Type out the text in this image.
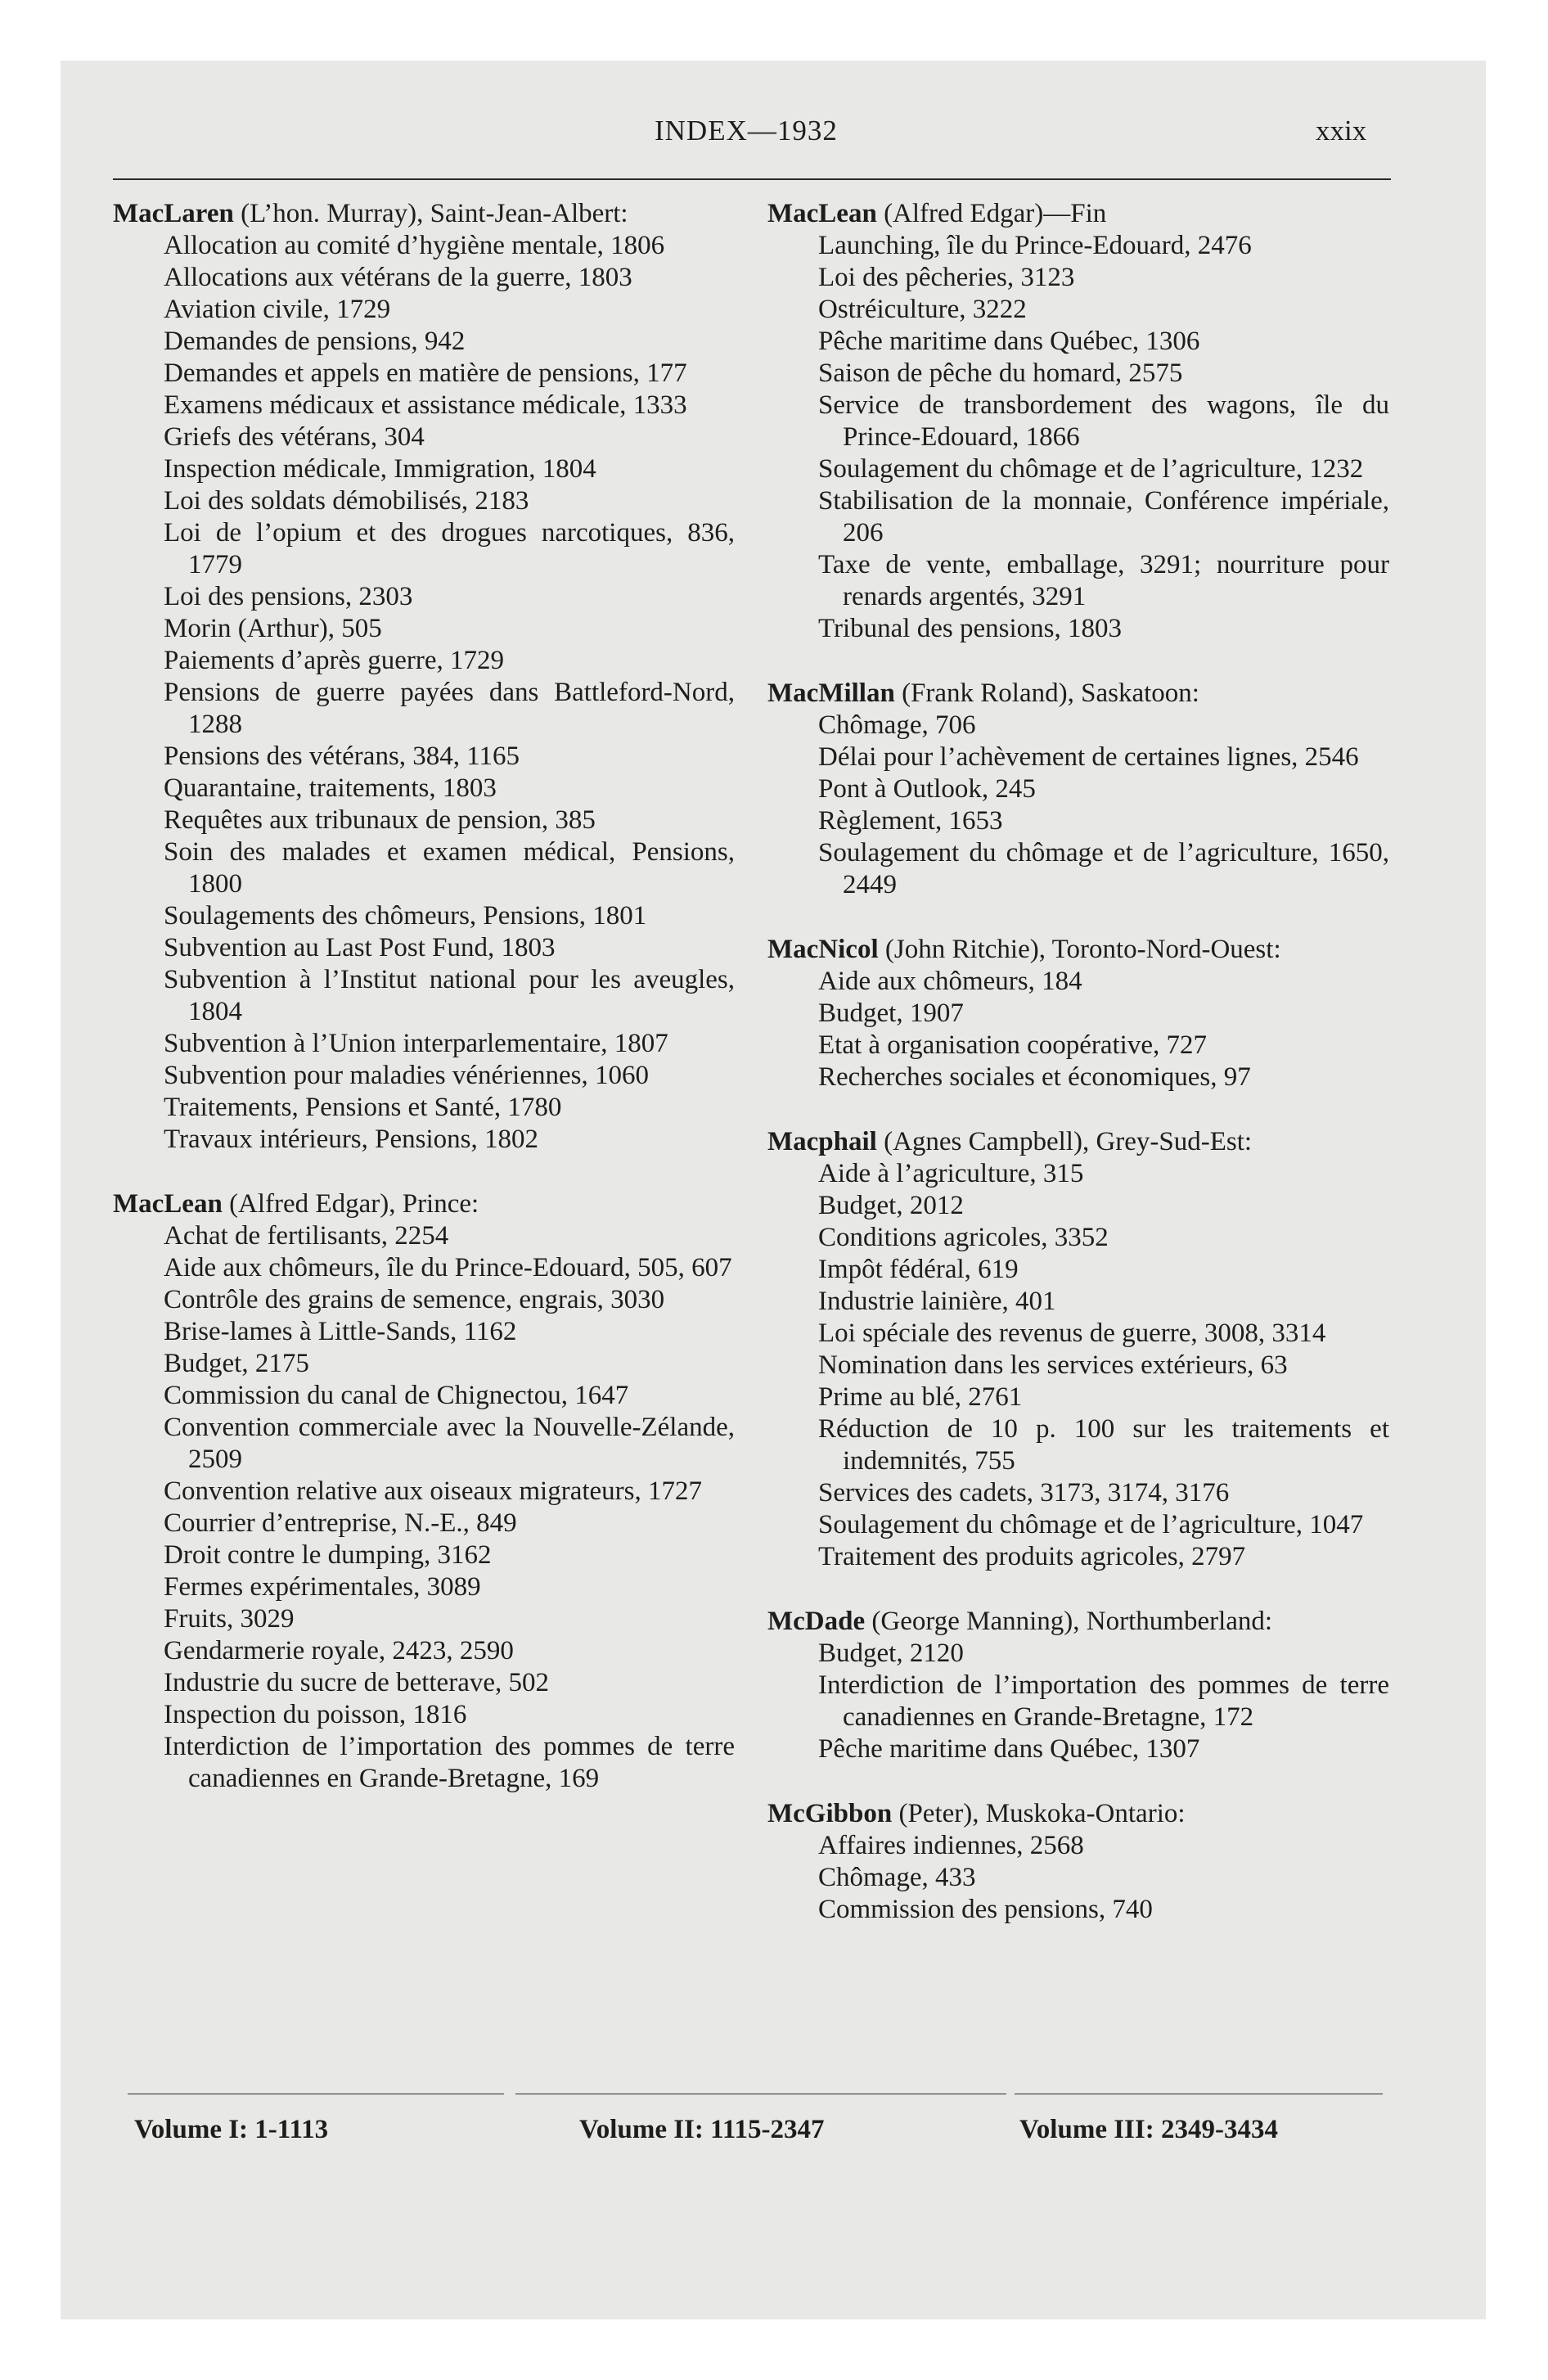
INDEX—1932	xxix
MacLaren (L’hon. Murray), Saint-Jean-Albert:
Allocation au comité d’hygiène mentale, 1806
Allocations aux vétérans de la guerre, 1803
Aviation civile, 1729
Demandes de pensions, 942
Demandes et appels en matière de pensions, 177
Examens médicaux et assistance médicale, 1333
Griefs des vétérans, 304
Inspection médicale, Immigration, 1804
Loi des soldats démobilisés, 2183
Loi de l’opium et des drogues narcotiques, 836, 1779
Loi des pensions, 2303
Morin (Arthur), 505
Paiements d’après guerre, 1729
Pensions de guerre payées dans Battleford-Nord, 1288
Pensions des vétérans, 384, 1165
Quarantaine, traitements, 1803
Requêtes aux tribunaux de pension, 385
Soin des malades et examen médical, Pensions, 1800
Soulagements des chômeurs, Pensions, 1801
Subvention au Last Post Fund, 1803
Subvention à l’Institut national pour les aveugles, 1804
Subvention à l’Union interparlementaire, 1807
Subvention pour maladies vénériennes, 1060
Traitements, Pensions et Santé, 1780
Travaux intérieurs, Pensions, 1802
MacLean (Alfred Edgar), Prince:
Achat de fertilisants, 2254
Aide aux chômeurs, île du Prince-Edouard, 505, 607
Contrôle des grains de semence, engrais, 3030
Brise-lames à Little-Sands, 1162
Budget, 2175
Commission du canal de Chignectou, 1647
Convention commerciale avec la Nouvelle-Zélande, 2509
Convention relative aux oiseaux migrateurs, 1727
Courrier d’entreprise, N.-E., 849
Droit contre le dumping, 3162
Fermes expérimentales, 3089
Fruits, 3029
Gendarmerie royale, 2423, 2590
Industrie du sucre de betterave, 502
Inspection du poisson, 1816
Interdiction de l’importation des pommes de terre canadiennes en Grande-Bretagne, 169
MacLean (Alfred Edgar)—Fin
Launching, île du Prince-Edouard, 2476
Loi des pêcheries, 3123
Ostréiculture, 3222
Pêche maritime dans Québec, 1306
Saison de pêche du homard, 2575
Service de transbordement des wagons, île du Prince-Edouard, 1866
Soulagement du chômage et de l’agriculture, 1232
Stabilisation de la monnaie, Conférence impériale, 206
Taxe de vente, emballage, 3291; nourriture pour renards argentés, 3291
Tribunal des pensions, 1803
MacMillan (Frank Roland), Saskatoon:
Chômage, 706
Délai pour l’achèvement de certaines lignes, 2546
Pont à Outlook, 245
Règlement, 1653
Soulagement du chômage et de l’agriculture, 1650, 2449
MacNicol (John Ritchie), Toronto-Nord-Ouest:
Aide aux chômeurs, 184
Budget, 1907
Etat à organisation coopérative, 727
Recherches sociales et économiques, 97
Macphail (Agnes Campbell), Grey-Sud-Est:
Aide à l’agriculture, 315
Budget, 2012
Conditions agricoles, 3352
Impôt fédéral, 619
Industrie lainière, 401
Loi spéciale des revenus de guerre, 3008, 3314
Nomination dans les services extérieurs, 63
Prime au blé, 2761
Réduction de 10 p. 100 sur les traitements et indemnités, 755
Services des cadets, 3173, 3174, 3176
Soulagement du chômage et de l’agriculture, 1047
Traitement des produits agricoles, 2797
McDade (George Manning), Northumberland:
Budget, 2120
Interdiction de l’importation des pommes de terre canadiennes en Grande-Bretagne, 172
Pêche maritime dans Québec, 1307
McGibbon (Peter), Muskoka-Ontario:
Affaires indiennes, 2568
Chômage, 433
Commission des pensions, 740
Volume I: 1-1113	Volume II: 1115-2347	Volume III: 2349-3434
